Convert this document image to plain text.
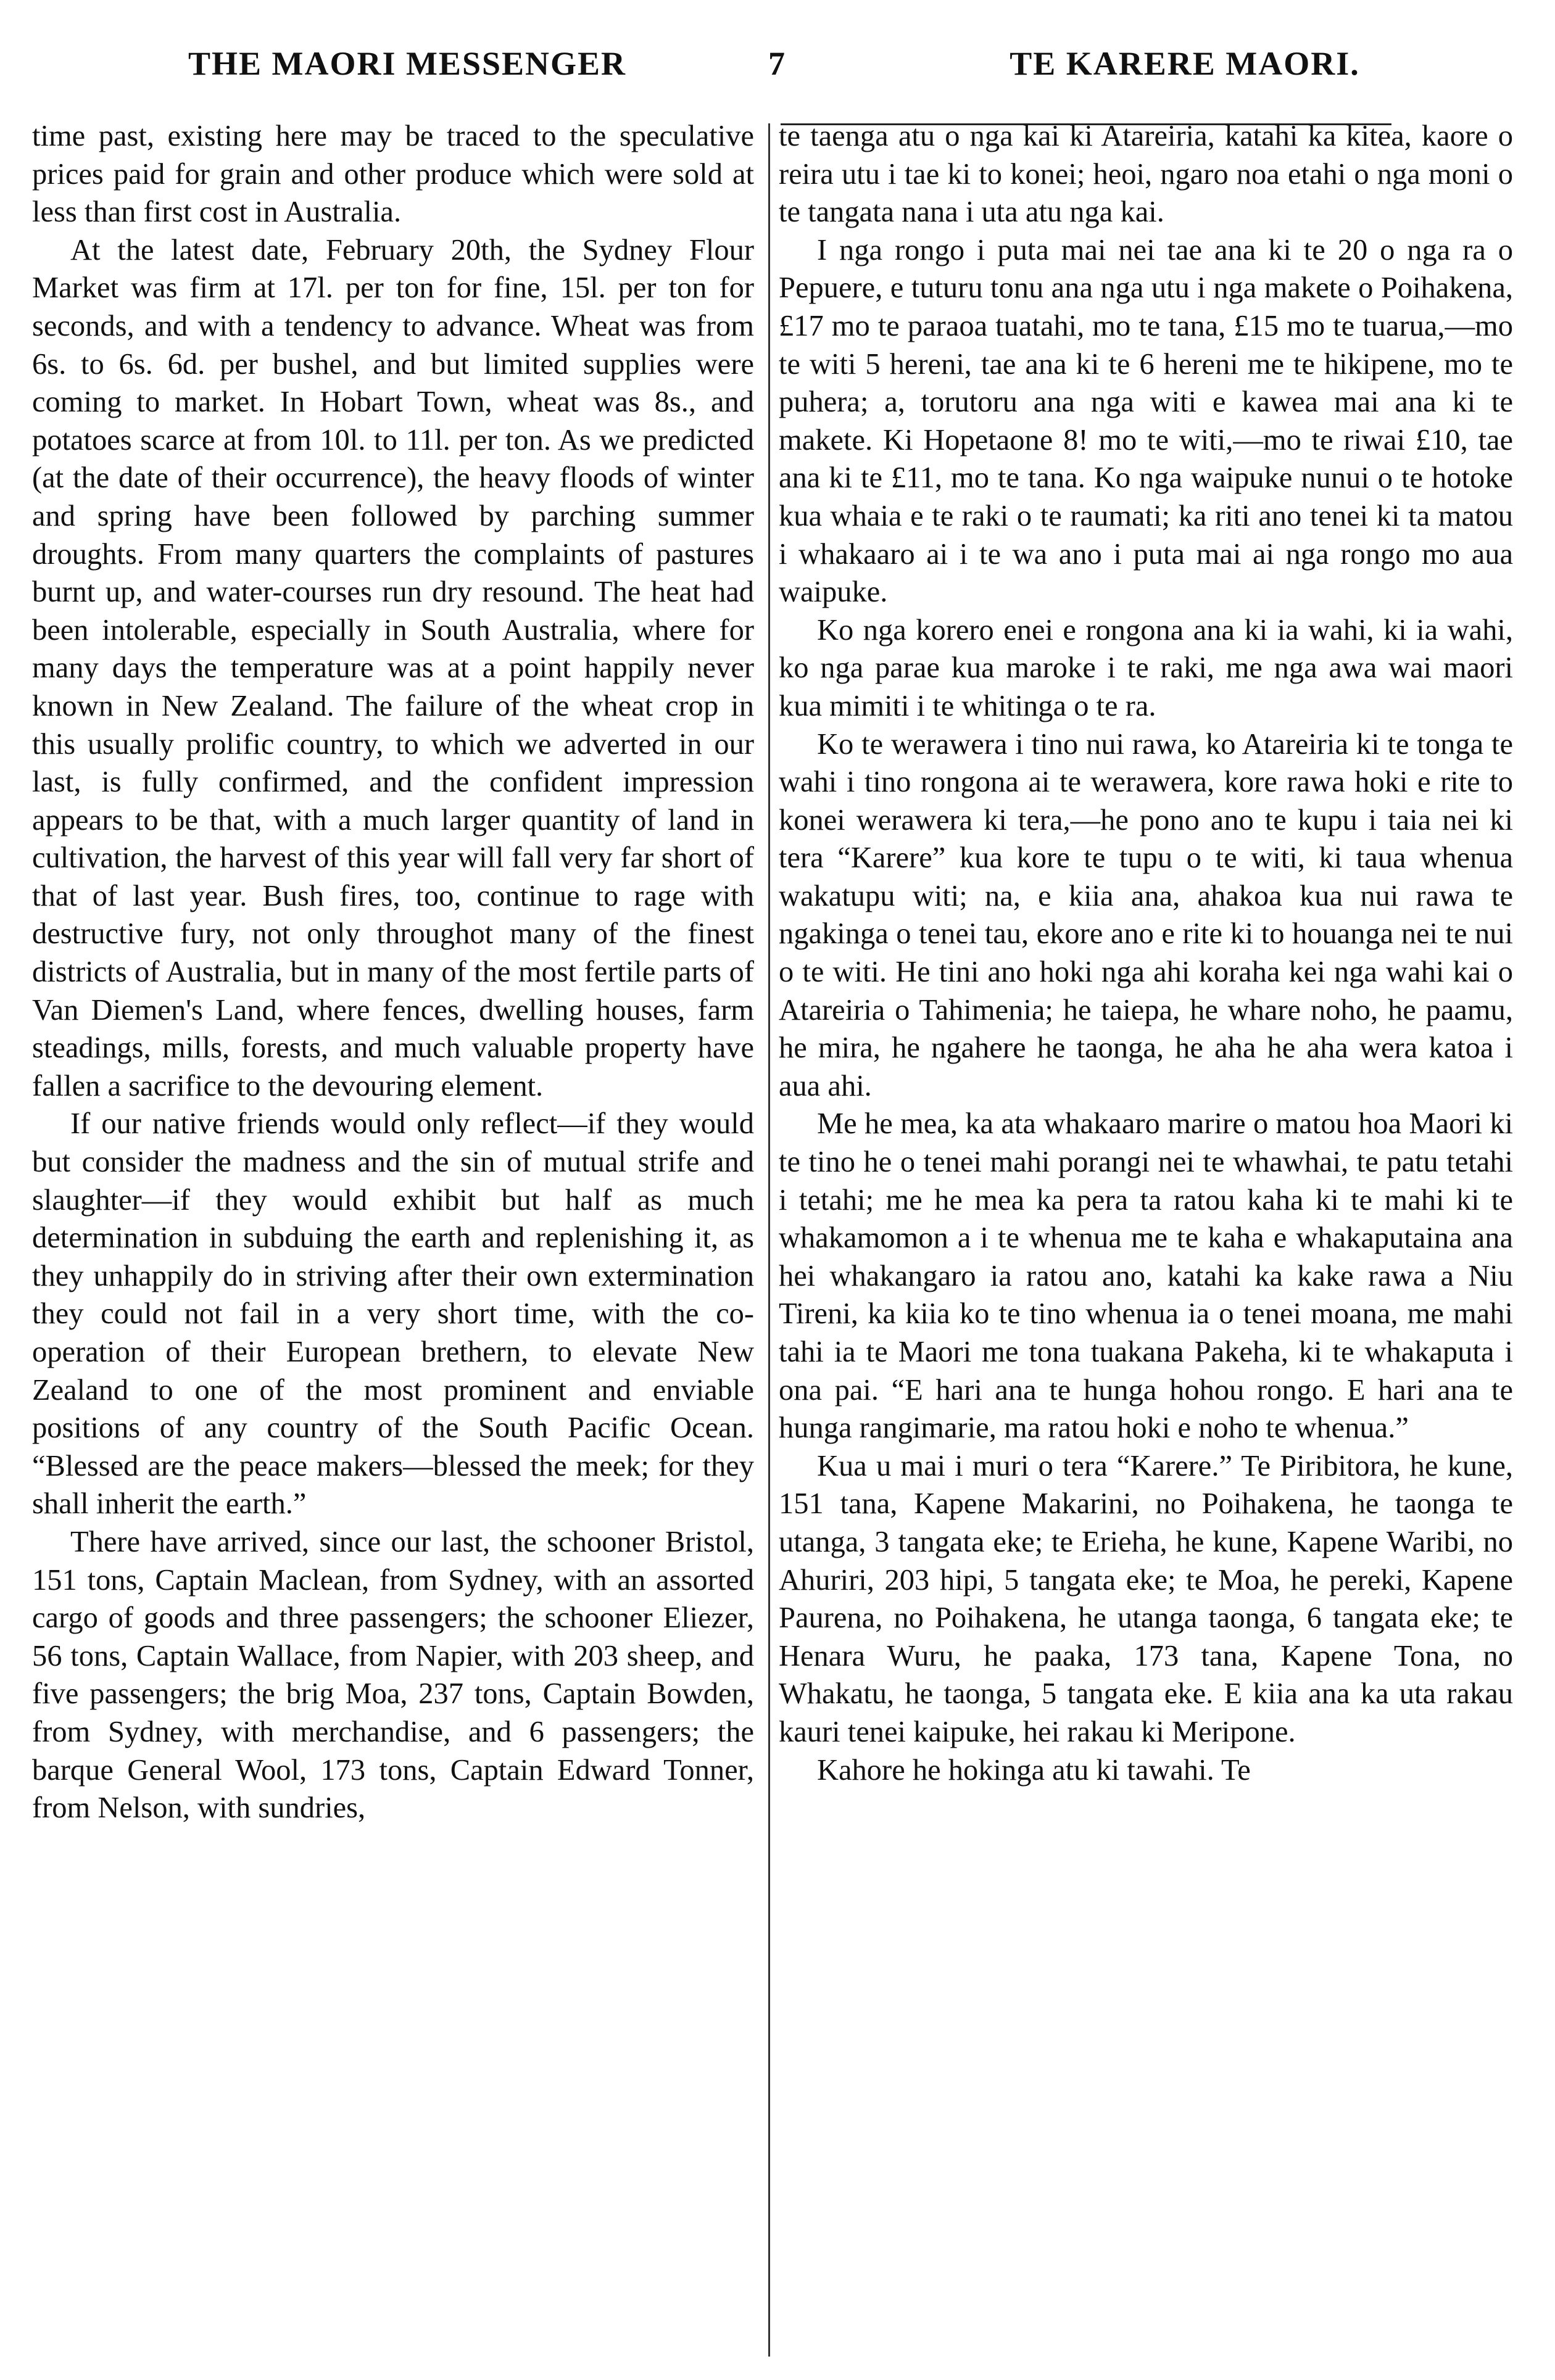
THE MAORI MESSENGER	7	TE KARERE MAORI.

time past, existing here may be traced to the speculative prices paid for grain and other produce which were sold at less than first cost in Australia.

At the latest date, February 20th, the Sydney Flour Market was firm at 17l. per ton for fine, 15l. per ton for seconds, and with a tendency to advance. Wheat was from 6s. to 6s. 6d. per bushel, and but limited supplies were coming to market. In Hobart Town, wheat was 8s., and potatoes scarce at from 10l. to 11l. per ton. As we predicted (at the date of their occurrence), the heavy floods of winter and spring have been followed by parching summer droughts. From many quarters the complaints of pastures burnt up, and water-courses run dry resound. The heat had been intolerable, especially in South Australia, where for many days the temperature was at a point happily never known in New Zealand. The failure of the wheat crop in this usually prolific country, to which we adverted in our last, is fully confirmed, and the confident impression appears to be that, with a much larger quantity of land in cultivation, the harvest of this year will fall very far short of that of last year. Bush fires, too, continue to rage with destructive fury, not only throughot many of the finest districts of Australia, but in many of the most fertile parts of Van Diemen's Land, where fences, dwelling houses, farm steadings, mills, forests, and much valuable property have fallen a sacrifice to the devouring element.

If our native friends would only reflect—if they would but consider the madness and the sin of mutual strife and slaughter—if they would exhibit but half as much determination in subduing the earth and replenishing it, as they unhappily do in striving after their own extermination they could not fail in a very short time, with the co-operation of their European brethern, to elevate New Zealand to one of the most prominent and enviable positions of any country of the South Pacific Ocean. “Blessed are the peace makers—blessed the meek; for they shall inherit the earth.”

There have arrived, since our last, the schooner Bristol, 151 tons, Captain Maclean, from Sydney, with an assorted cargo of goods and three passengers; the schooner Eliezer, 56 tons, Captain Wallace, from Napier, with 203 sheep, and five passengers; the brig Moa, 237 tons, Captain Bowden, from Sydney, with merchandise, and 6 passengers; the barque General Wool, 173 tons, Captain Edward Tonner, from Nelson, with sundries,

te taenga atu o nga kai ki Atareiria, katahi ka kitea, kaore o reira utu i tae ki to konei; heoi, ngaro noa etahi o nga moni o te tangata nana i uta atu nga kai.

I nga rongo i puta mai nei tae ana ki te 20 o nga ra o Pepuere, e tuturu tonu ana nga utu i nga makete o Poihakena, £17 mo te paraoa tuatahi, mo te tana, £15 mo te tuarua,—mo te witi 5 hereni, tae ana ki te 6 hereni me te hikipene, mo te puhera; a, torutoru ana nga witi e kawea mai ana ki te makete. Ki Hopetaone 8! mo te witi,—mo te riwai £10, tae ana ki te £11, mo te tana. Ko nga waipuke nunui o te hotoke kua whaia e te raki o te raumati; ka riti ano tenei ki ta matou i whakaaro ai i te wa ano i puta mai ai nga rongo mo aua waipuke.

Ko nga korero enei e rongona ana ki ia wahi, ki ia wahi, ko nga parae kua maroke i te raki, me nga awa wai maori kua mimiti i te whitinga o te ra.

Ko te werawera i tino nui rawa, ko Atareiria ki te tonga te wahi i tino rongona ai te werawera, kore rawa hoki e rite to konei werawera ki tera,—he pono ano te kupu i taia nei ki tera “Karere” kua kore te tupu o te witi, ki taua whenua wakatupu witi; na, e kiia ana, ahakoa kua nui rawa te ngakinga o tenei tau, ekore ano e rite ki to houanga nei te nui o te witi. He tini ano hoki nga ahi koraha kei nga wahi kai o Atareiria o Tahimenia; he taiepa, he whare noho, he paamu, he mira, he ngahere he taonga, he aha he aha wera katoa i aua ahi.

Me he mea, ka ata whakaaro marire o matou hoa Maori ki te tino he o tenei mahi porangi nei te whawhai, te patu tetahi i tetahi; me he mea ka pera ta ratou kaha ki te mahi ki te whakamomon a i te whenua me te kaha e whakaputaina ana hei whakangaro ia ratou ano, katahi ka kake rawa a Niu Tireni, ka kiia ko te tino whenua ia o tenei moana, me mahi tahi ia te Maori me tona tuakana Pakeha, ki te whakaputa i ona pai. “E hari ana te hunga hohou rongo. E hari ana te hunga rangimarie, ma ratou hoki e noho te whenua.”

Kua u mai i muri o tera “Karere.” Te Piribitora, he kune, 151 tana, Kapene Makarini, no Poihakena, he taonga te utanga, 3 tangata eke; te Erieha, he kune, Kapene Waribi, no Ahuriri, 203 hipi, 5 tangata eke; te Moa, he pereki, Kapene Paurena, no Poihakena, he utanga taonga, 6 tangata eke; te Henara Wuru, he paaka, 173 tana, Kapene Tona, no Whakatu, he taonga, 5 tangata eke. E kiia ana ka uta rakau kauri tenei kaipuke, hei rakau ki Meripone.

Kahore he hokinga atu ki tawahi. Te
